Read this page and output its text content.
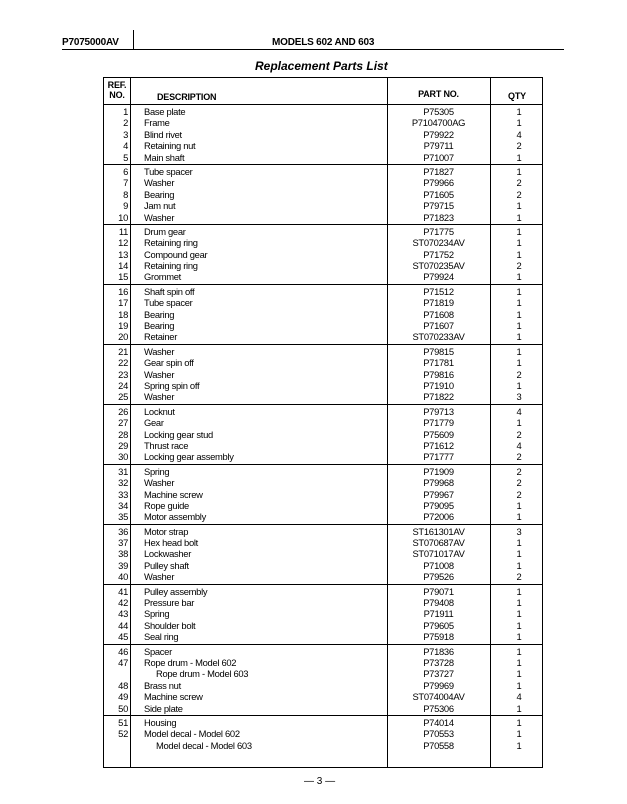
P7075000AV	MODELS 602 AND 603
Replacement Parts List
REF.
NO.	DESCRIPTION	PART NO.	QTY
1 Base plate	P75305	1
2 Frame	P7104700AG	1
3 Blind rivet	P79922	4
4 Retaining nut	P79711	2
5 Main shaft	P71007	1
6 Tube spacer	P71827	1
7 Washer	P79966	2
8 Bearing	P71605	2
9 Jam nut	P79715	1
10 Washer	P71823	1
11 Drum gear	P71775	1
12 Retaining ring	ST070234AV	1
13 Compound gear	P71752	1
14 Retaining ring	ST070235AV	2
15 Grommet	P79924	1
16 Shaft spin off	P71512	1
17 Tube spacer	P71819	1
18 Bearing	P71608	1
19 Bearing	P71607	1
20 Retainer	ST070233AV	1
21 Washer	P79815	1
22 Gear spin off	P71781	1
23 Washer	P79816	2
24 Spring spin off	P71910	1
25 Washer	P71822	3
26 Locknut	P79713	4
27 Gear	P71779	1
28 Locking gear stud	P75609	2
29 Thrust race	P71612	4
30 Locking gear assembly	P71777	2
31 Spring	P71909	2
32 Washer	P79968	2
33 Machine screw	P79967	2
34 Rope guide	P79095	1
35 Motor assembly	P72006	1
36 Motor strap	ST161301AV	3
37 Hex head bolt	ST070687AV	1
38 Lockwasher	ST071017AV	1
39 Pulley shaft	P71008	1
40 Washer	P79526	2
41 Pulley assembly	P79071	1
42 Pressure bar	P79408	1
43 Spring	P71911	1
44 Shoulder bolt	P79605	1
45 Seal ring	P75918	1
46 Spacer	P71836	1
47 Rope drum - Model 602	P73728	1
Rope drum - Model 603	P73727	1
48 Brass nut	P79969	1
49 Machine screw	ST074004AV	4
50 Side plate	P75306	1
51 Housing	P74014	1
52 Model decal - Model 602	P70553	1
Model decal - Model 603	P70558	1
— 3 —
